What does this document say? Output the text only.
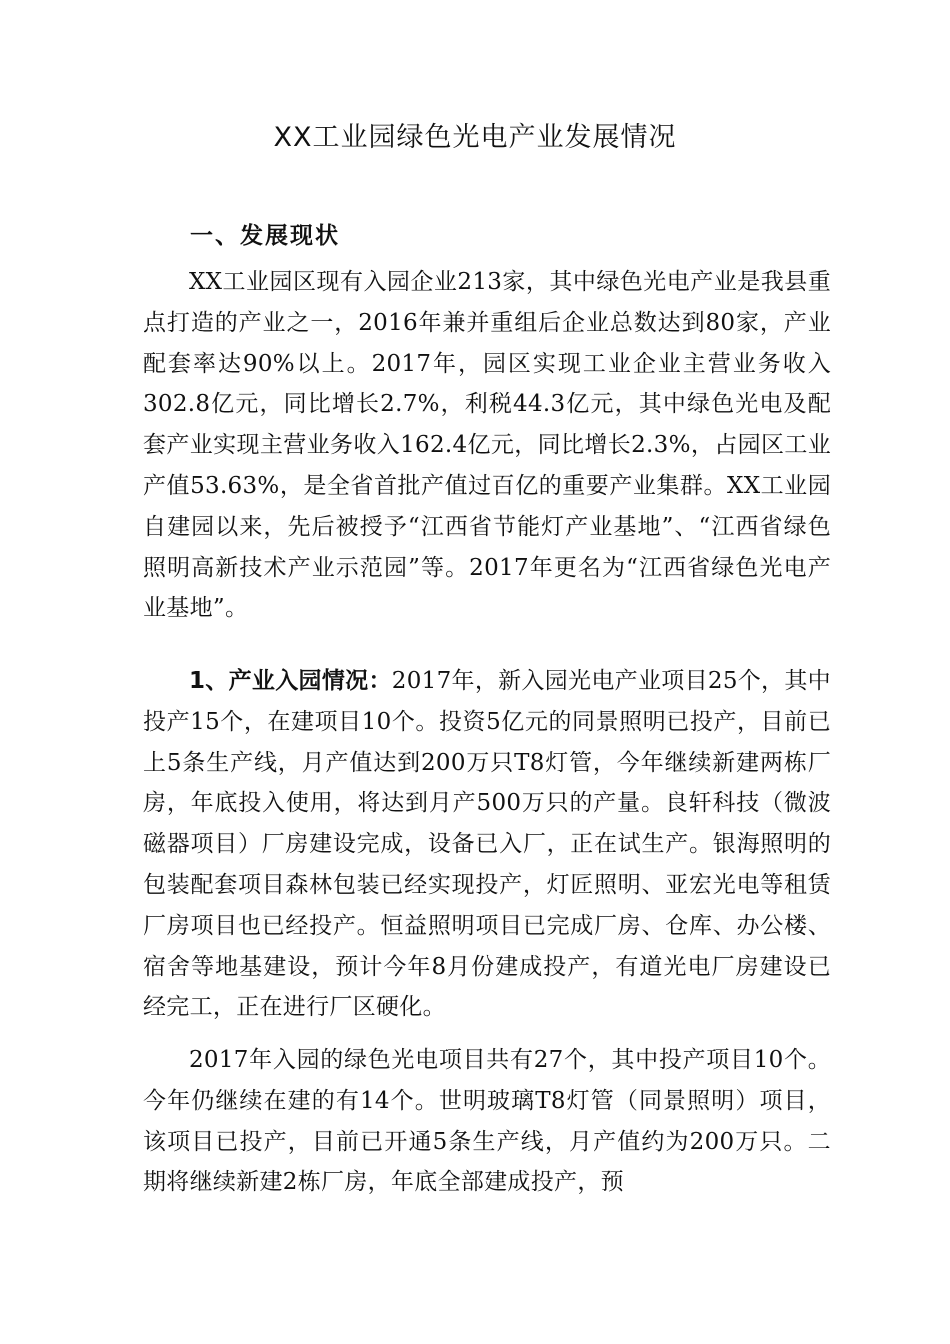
XX工业园绿色光电产业发展情况
一、发展现状

XX工业园区现有入园企业213家，其中绿色光电产业是我县重点打造的产业之一，2016年兼并重组后企业总数达到80家，产业配套率达90%以上。2017年，园区实现工业企业主营业务收入302.8亿元，同比增长2.7%，利税44.3亿元，其中绿色光电及配套产业实现主营业务收入162.4亿元，同比增长2.3%，占园区工业产值53.63%，是全省首批产值过百亿的重要产业集群。XX工业园自建园以来，先后被授予“江西省节能灯产业基地”、“江西省绿色照明高新技术产业示范园”等。2017年更名为“江西省绿色光电产业基地”。

1、产业入园情况：2017年，新入园光电产业项目25个，其中投产15个，在建项目10个。投资5亿元的同景照明已投产，目前已上5条生产线，月产值达到200万只T8灯管，今年继续新建两栋厂房，年底投入使用，将达到月产500万只的产量。良轩科技（微波磁器项目）厂房建设完成，设备已入厂，正在试生产。银海照明的包装配套项目森林包装已经实现投产，灯匠照明、亚宏光电等租赁厂房项目也已经投产。恒益照明项目已完成厂房、仓库、办公楼、宿舍等地基建设，预计今年8月份建成投产，有道光电厂房建设已经完工，正在进行厂区硬化。

2017年入园的绿色光电项目共有27个，其中投产项目10个。今年仍继续在建的有14个。世明玻璃T8灯管（同景照明）项目，该项目已投产，目前已开通5条生产线，月产值约为200万只。二期将继续新建2栋厂房，年底全部建成投产，预
